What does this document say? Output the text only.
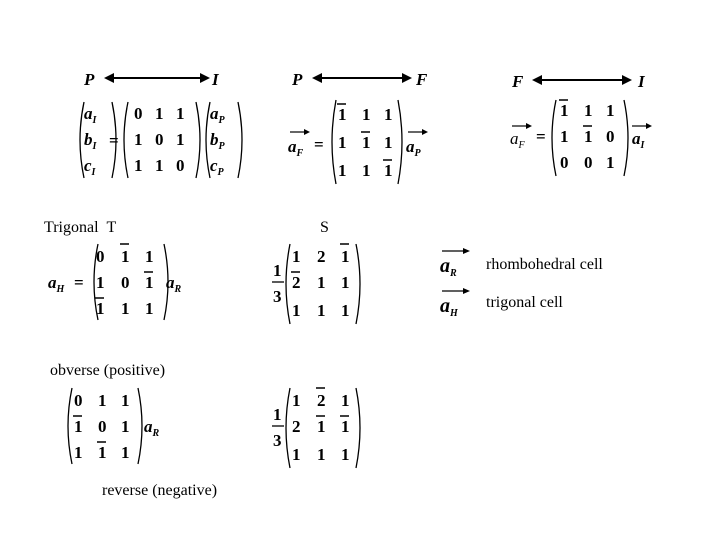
P	I	P	F	F	I
$a_I$
$b_I$
$c_I$
=
0 1 1
1 0 1
1 1 0
$a_P$
$b_P$
$c_P$
$a_F$ =
1 1 1
1 1 1
1 1 1
$a_P$
$a_F$ =
1 1 1
1 1 0
0 0 1
$a_I$
Trigonal T	S
$a_H$ =
0 1 1
1 0 1
1 1 1
$a_R$
1
3
1 2 1
2 1 1
1 1 1
$a_R$
rhombohedral cell
$a_H$
trigonal cell
obverse (positive)
0 1 1
1 0 1
1 1 1
$a_R$
1
3
1 2 1
2 1 1
1 1 1
reverse (negative)
